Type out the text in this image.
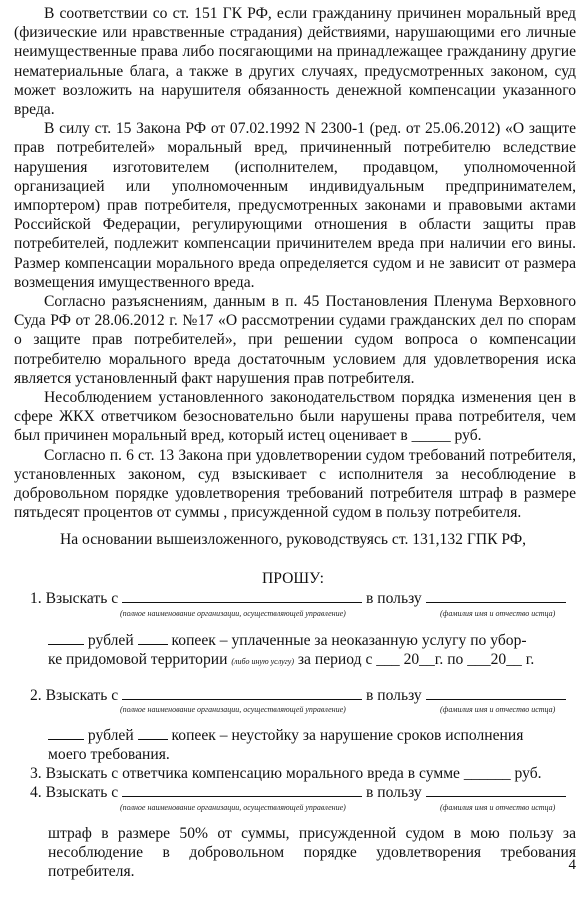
В соответствии со ст. 151 ГК РФ, если гражданину причинен моральный вред (физические или нравственные страдания) действиями, нарушающими его личные неимущественные права либо посягающими на принадлежащее гражданину другие нематериальные блага, а также в других случаях, предусмотренных законом, суд может возложить на нарушителя обязанность денежной компенсации указанного вреда.

В силу ст. 15 Закона РФ от 07.02.1992 N 2300-1 (ред. от 25.06.2012) «О защите прав потребителей» моральный вред, причиненный потребителю вследствие нарушения изготовителем (исполнителем, продавцом, уполномоченной организацией или уполномоченным индивидуальным предпринимателем, импортером) прав потребителя, предусмотренных законами и правовыми актами Российской Федерации, регулирующими отношения в области защиты прав потребителей, подлежит компенсации причинителем вреда при наличии его вины. Размер компенсации морального вреда определяется судом и не зависит от размера возмещения имущественного вреда.

Согласно разъяснениям, данным в п. 45 Постановления Пленума Верховного Суда РФ от 28.06.2012 г. №17 «О рассмотрении судами гражданских дел по спорам о защите прав потребителей», при решении судом вопроса о компенсации потребителю морального вреда достаточным условием для удовлетворения иска является установленный факт нарушения прав потребителя.

Несоблюдением установленного законодательством порядка изменения цен в сфере ЖКХ ответчиком безосновательно были нарушены права потребителя, чем был причинен моральный вред, который истец оценивает в _____ руб.

Согласно п. 6 ст. 13 Закона при удовлетворении судом требований потребителя, установленных законом, суд взыскивает с исполнителя за несоблюдение в добровольном порядке удовлетворения требований потребителя штраф в размере пятьдесят процентов от суммы , присужденной судом в пользу потребителя.

На основании вышеизложенного, руководствуясь ст. 131,132 ГПК РФ,
ПРОШУ:
1. Взыскать с	в пользу
(полное наименование организации, осуществляющей управление)	(фамилия имя и отчество истца)
рублей копеек – уплаченные за неоказанную услугу по убор-
ке придомовой территории (либо иную услугу) за период с ___ 20__г. по ___20__ г.
2. Взыскать с	в пользу
(полное наименование организации, осуществляющей управление)	(фамилия имя и отчество истца)
рублей копеек – неустойку за нарушение сроков исполнения
моего требования.
3. Взыскать с ответчика компенсацию морального вреда в сумме ______ руб.
4. Взыскать с	в пользу
(полное наименование организации, осуществляющей управление)	(фамилия имя и отчество истца)

штраф в размере 50% от суммы, присужденной судом в мою пользу за несоблюдение в добровольном порядке удовлетворения требования потребителя.	4
